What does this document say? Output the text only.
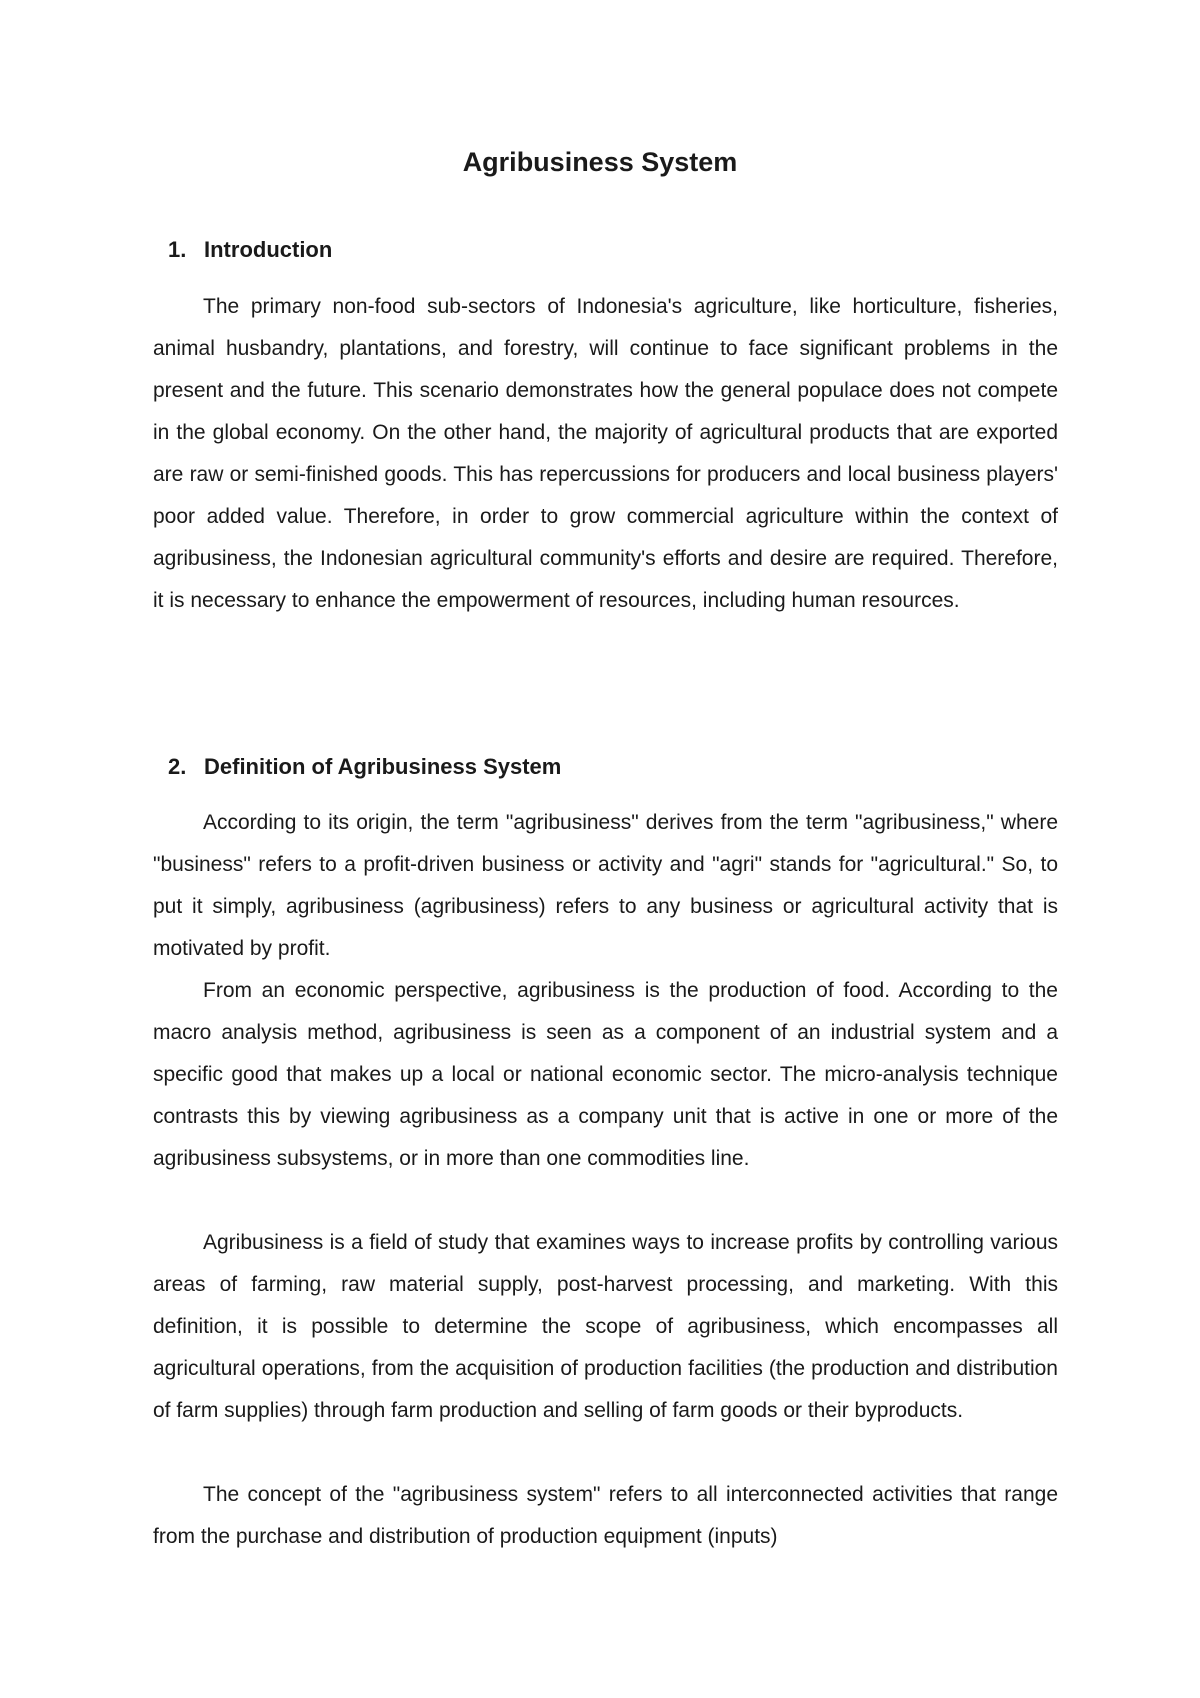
Agribusiness System
1. Introduction

The primary non-food sub-sectors of Indonesia's agriculture, like horticulture, fisheries, animal husbandry, plantations, and forestry, will continue to face significant problems in the present and the future. This scenario demonstrates how the general populace does not compete in the global economy. On the other hand, the majority of agricultural products that are exported are raw or semi-finished goods. This has repercussions for producers and local business players' poor added value. Therefore, in order to grow commercial agriculture within the context of agribusiness, the Indonesian agricultural community's efforts and desire are required. Therefore, it is necessary to enhance the empowerment of resources, including human resources.

2. Definition of Agribusiness System

According to its origin, the term "agribusiness" derives from the term "agribusiness," where "business" refers to a profit-driven business or activity and "agri" stands for "agricultural." So, to put it simply, agribusiness (agribusiness) refers to any business or agricultural activity that is motivated by profit.

From an economic perspective, agribusiness is the production of food. According to the macro analysis method, agribusiness is seen as a component of an industrial system and a specific good that makes up a local or national economic sector. The micro-analysis technique contrasts this by viewing agribusiness as a company unit that is active in one or more of the agribusiness subsystems, or in more than one commodities line.

Agribusiness is a field of study that examines ways to increase profits by controlling various areas of farming, raw material supply, post-harvest processing, and marketing. With this definition, it is possible to determine the scope of agribusiness, which encompasses all agricultural operations, from the acquisition of production facilities (the production and distribution of farm supplies) through farm production and selling of farm goods or their byproducts.

The concept of the "agribusiness system" refers to all interconnected activities that range from the purchase and distribution of production equipment (inputs)
